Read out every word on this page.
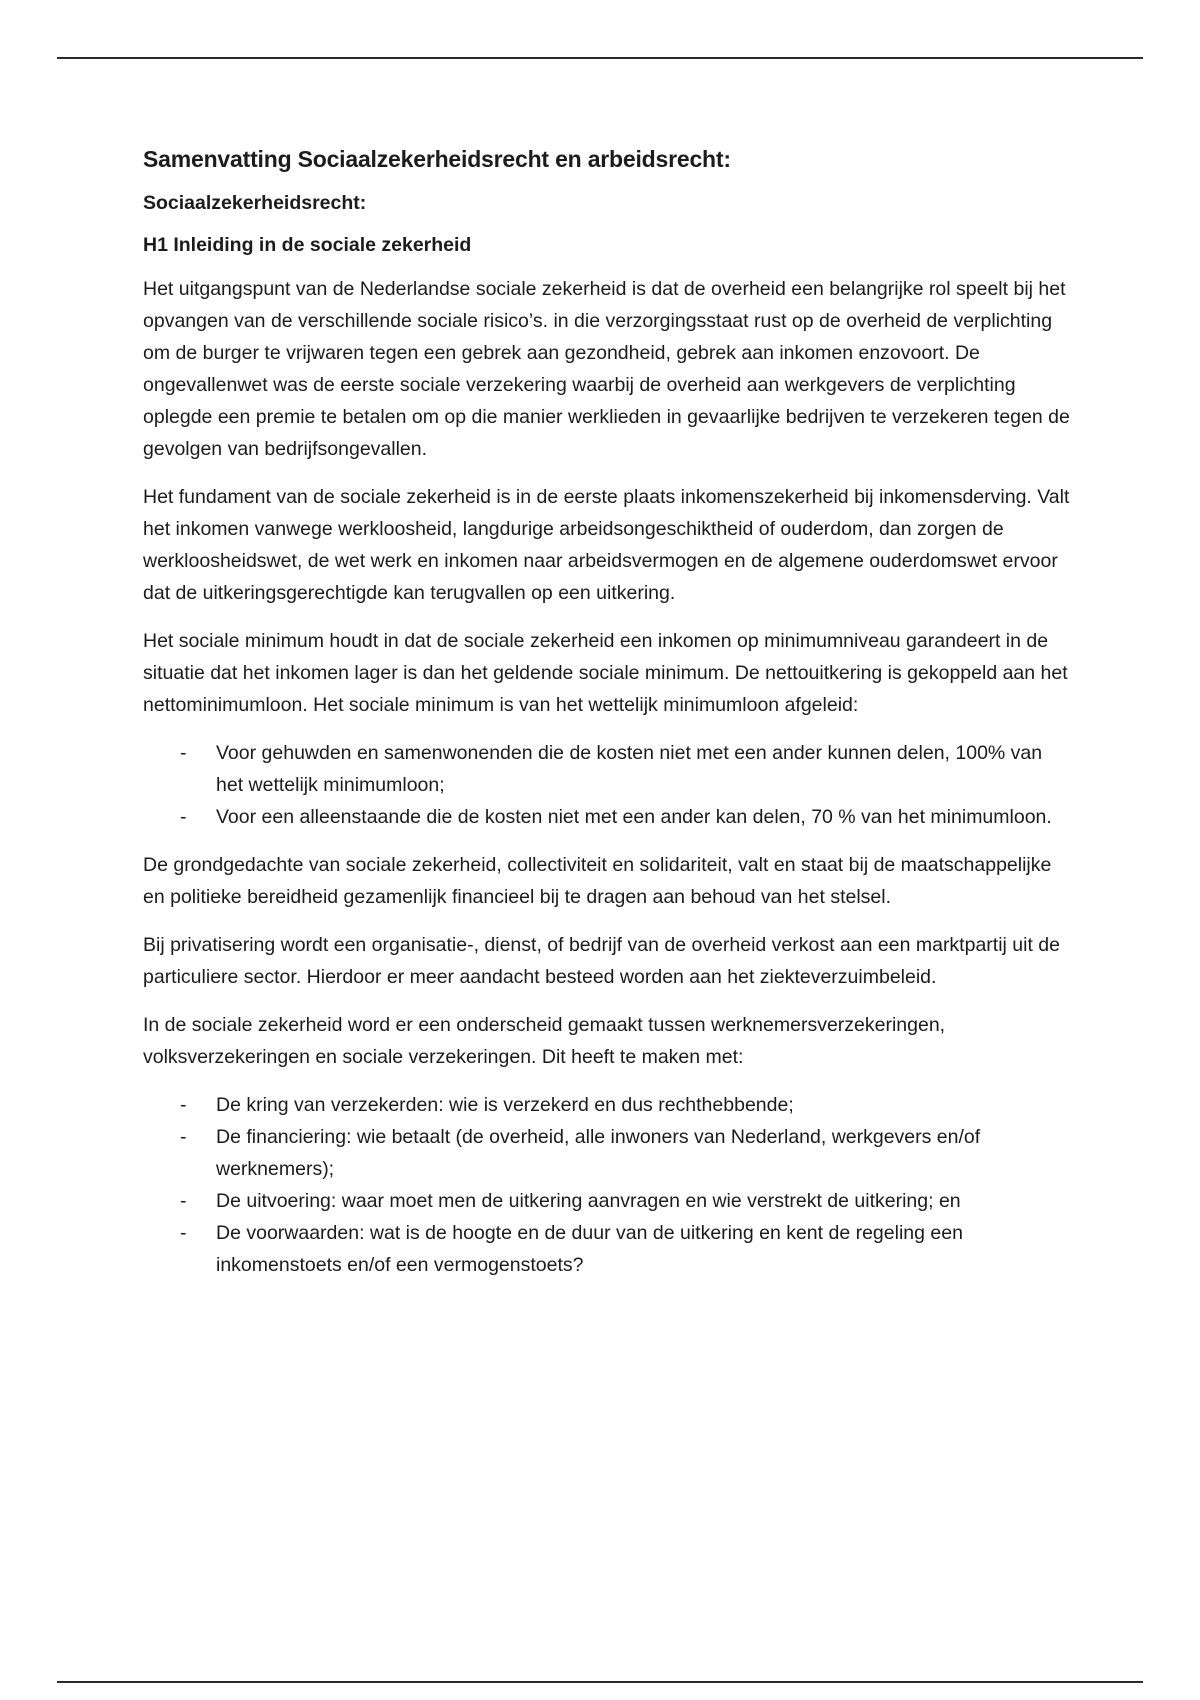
Samenvatting Sociaalzekerheidsrecht en arbeidsrecht:
Sociaalzekerheidsrecht:
H1 Inleiding in de sociale zekerheid

Het uitgangspunt van de Nederlandse sociale zekerheid is dat de overheid een belangrijke rol speelt bij het opvangen van de verschillende sociale risico’s. in die verzorgingsstaat rust op de overheid de verplichting om de burger te vrijwaren tegen een gebrek aan gezondheid, gebrek aan inkomen enzovoort. De ongevallenwet was de eerste sociale verzekering waarbij de overheid aan werkgevers de verplichting oplegde een premie te betalen om op die manier werklieden in gevaarlijke bedrijven te verzekeren tegen de gevolgen van bedrijfsongevallen.

Het fundament van de sociale zekerheid is in de eerste plaats inkomenszekerheid bij inkomensderving. Valt het inkomen vanwege werkloosheid, langdurige arbeidsongeschiktheid of ouderdom, dan zorgen de werkloosheidswet, de wet werk en inkomen naar arbeidsvermogen en de algemene ouderdomswet ervoor dat de uitkeringsgerechtigde kan terugvallen op een uitkering.

Het sociale minimum houdt in dat de sociale zekerheid een inkomen op minimumniveau garandeert in de situatie dat het inkomen lager is dan het geldende sociale minimum. De nettouitkering is gekoppeld aan het nettominimumloon. Het sociale minimum is van het wettelijk minimumloon afgeleid:

- Voor gehuwden en samenwonenden die de kosten niet met een ander kunnen delen, 100% van het wettelijk minimumloon;
- Voor een alleenstaande die de kosten niet met een ander kan delen, 70 % van het minimumloon.

De grondgedachte van sociale zekerheid, collectiviteit en solidariteit, valt en staat bij de maatschappelijke en politieke bereidheid gezamenlijk financieel bij te dragen aan behoud van het stelsel.

Bij privatisering wordt een organisatie-, dienst, of bedrijf van de overheid verkost aan een marktpartij uit de particuliere sector. Hierdoor er meer aandacht besteed worden aan het ziekteverzuimbeleid.

In de sociale zekerheid word er een onderscheid gemaakt tussen werknemersverzekeringen, volksverzekeringen en sociale verzekeringen. Dit heeft te maken met:

- De kring van verzekerden: wie is verzekerd en dus rechthebbende;
- De financiering: wie betaalt (de overheid, alle inwoners van Nederland, werkgevers en/of werknemers);
- De uitvoering: waar moet men de uitkering aanvragen en wie verstrekt de uitkering; en
- De voorwaarden: wat is de hoogte en de duur van de uitkering en kent de regeling een inkomenstoets en/of een vermogenstoets?
